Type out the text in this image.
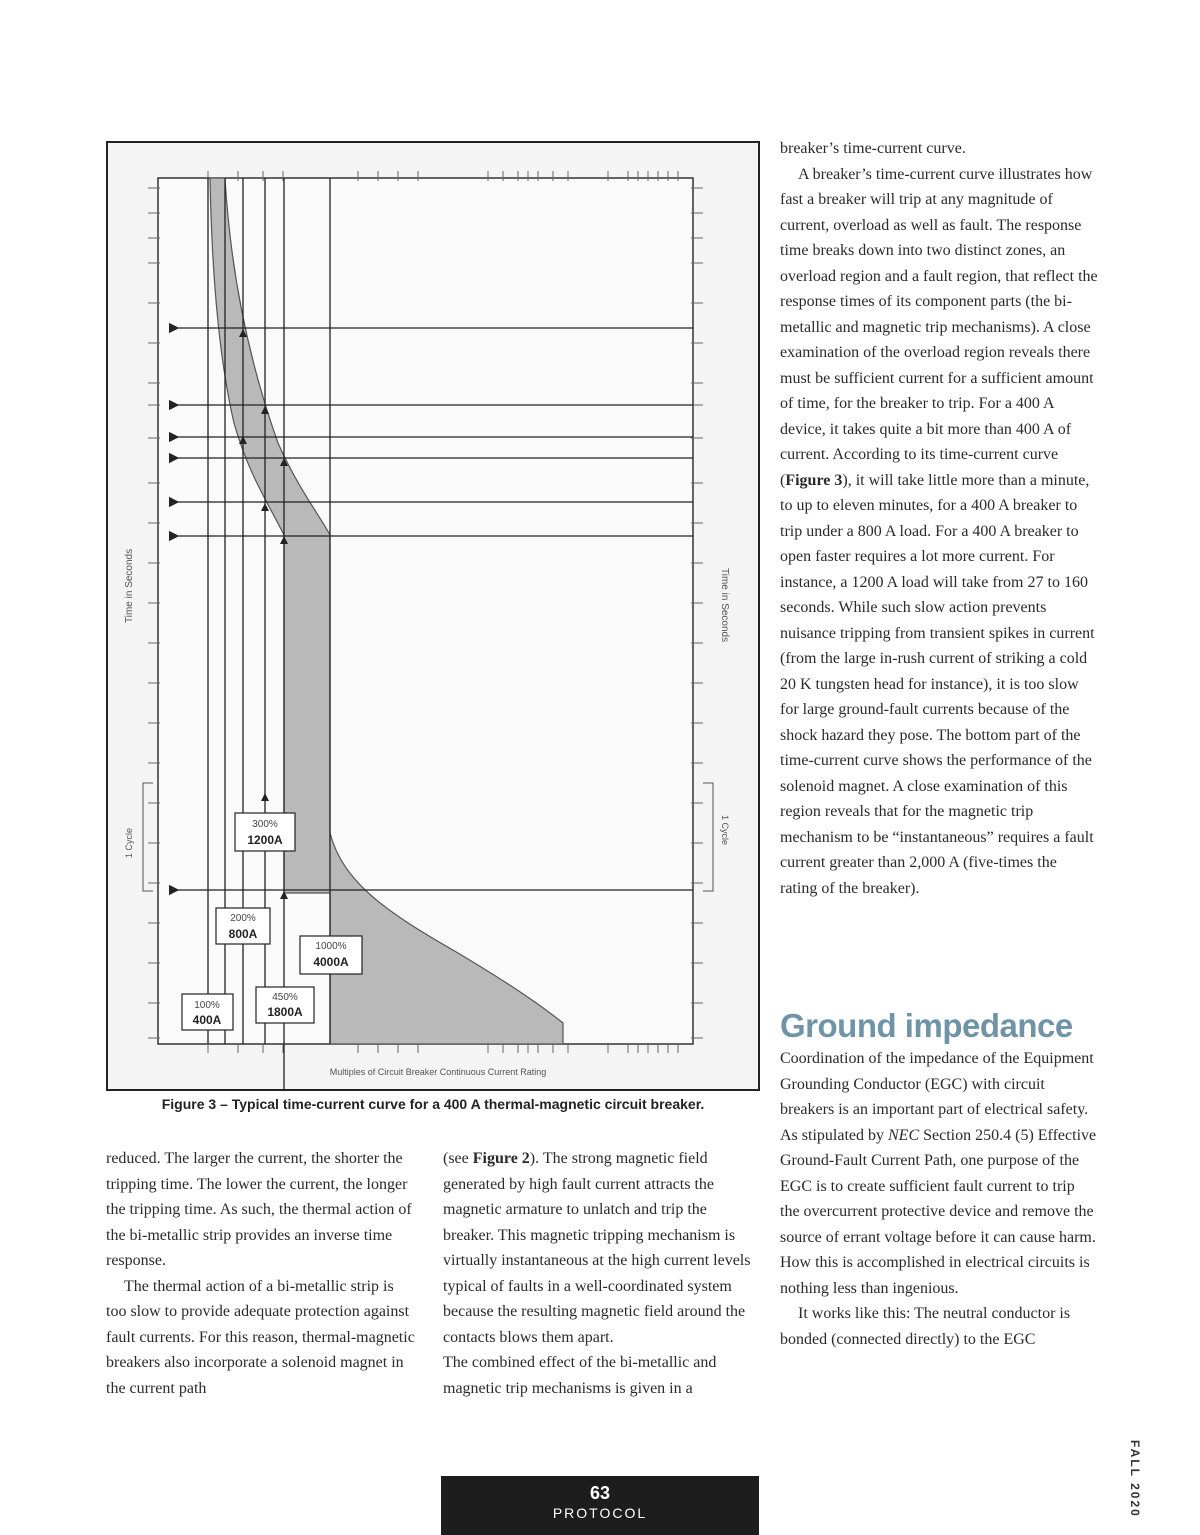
Time in Seconds	Time in Seconds
1 Cycle	1 Cycle
Multiples of Circuit Breaker Continuous Current Rating
100%
400A
200%
800A
300%
1200A
450%
1800A
1000%
4000A
Figure 3 – Typical time-current curve for a 400 A thermal-magnetic circuit breaker.

reduced. The larger the current, the shorter the tripping time. The lower the current, the longer the tripping time. As such, the thermal action of the bi-metallic strip provides an inverse time response.

The thermal action of a bi-metallic strip is too slow to provide adequate protection against fault currents. For this reason, thermal-magnetic breakers also incorporate a solenoid magnet in the current path

(see Figure 2). The strong magnetic field generated by high fault current attracts the magnetic armature to unlatch and trip the breaker. This magnetic tripping mechanism is virtually instantaneous at the high current levels typical of faults in a well-coordinated system because the resulting magnetic field around the contacts blows them apart.

The combined effect of the bi-metallic and magnetic trip mechanisms is given in a

breaker’s time-current curve.

A breaker’s time-current curve illustrates how fast a breaker will trip at any magnitude of current, overload as well as fault. The response time breaks down into two distinct zones, an overload region and a fault region, that reflect the response times of its component parts (the bi-metallic and magnetic trip mechanisms). A close examination of the overload region reveals there must be sufficient current for a sufficient amount of time, for the breaker to trip. For a 400 A device, it takes quite a bit more than 400 A of current. According to its time-current curve (Figure 3), it will take little more than a minute, to up to eleven minutes, for a 400 A breaker to trip under a 800 A load. For a 400 A breaker to open faster requires a lot more current. For instance, a 1200 A load will take from 27 to 160 seconds. While such slow action prevents nuisance tripping from transient spikes in current (from the large in-rush current of striking a cold 20 K tungsten head for instance), it is too slow for large ground-fault currents because of the shock hazard they pose. The bottom part of the time-current curve shows the performance of the solenoid magnet. A close examination of this region reveals that for the magnetic trip mechanism to be “instantaneous” requires a fault current greater than 2,000 A (five-times the rating of the breaker).

Ground impedance

Coordination of the impedance of the Equipment Grounding Conductor (EGC) with circuit breakers is an important part of electrical safety. As stipulated by NEC Section 250.4 (5) Effective Ground-Fault Current Path, one purpose of the EGC is to create sufficient fault current to trip the overcurrent protective device and remove the source of errant voltage before it can cause harm. How this is accomplished in electrical circuits is nothing less than ingenious.

It works like this: The neutral conductor is bonded (connected directly) to the EGC

63
PROTOCOL	FALL 2020
